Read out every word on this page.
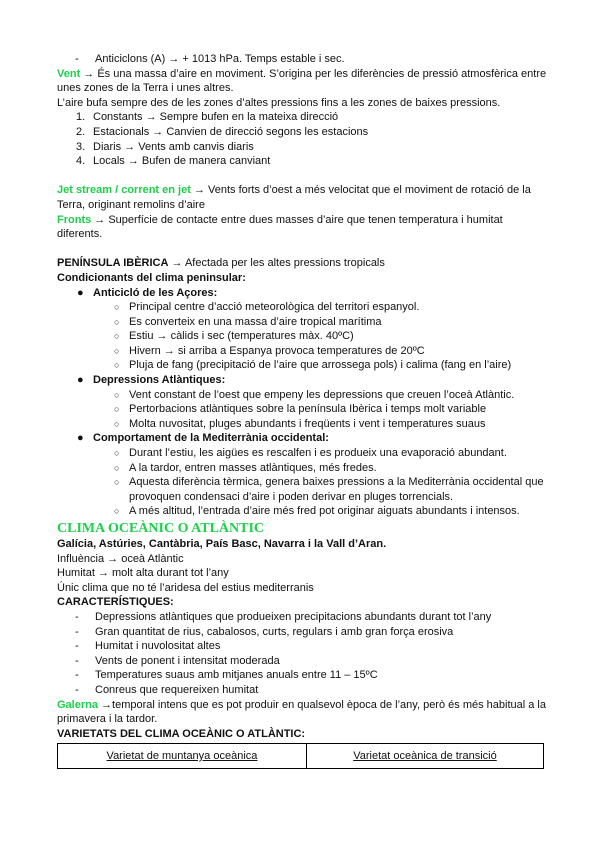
- Anticiclons (A) → + 1013 hPa. Temps estable i sec.

Vent → És una massa d’aire en moviment. S’origina per les diferències de pressió atmosfèrica entre unes zones de la Terra i unes altres.

L’aire bufa sempre des de les zones d’altes pressions fins a les zones de baixes pressions.

1. Constants → Sempre bufen en la mateixa direcció
2. Estacionals → Canvien de direcció segons les estacions
3. Diaris → Vents amb canvis diaris
4. Locals → Bufen de manera canviant

Jet stream / corrent en jet → Vents forts d’oest a més velocitat que el moviment de rotació de la Terra, originant remolins d’aire

Fronts → Superfície de contacte entre dues masses d’aire que tenen temperatura i humitat diferents.

PENÍNSULA IBÈRICA → Afectada per les altes pressions tropicals

Condicionants del clima peninsular:

● Anticicló de les Açores:
○ Principal centre d’acció meteorològica del territori espanyol.
○ Es converteix en una massa d’aire tropical marítima
○ Estiu → càlids i sec (temperatures màx. 40ºC)
○ Hivern → si arriba a Espanya provoca temperatures de 20ºC
○ Pluja de fang (precipitació de l’aire que arrossega pols) i calima (fang en l’aire)
● Depressions Atlàntiques:
○ Vent constant de l’oest que empeny les depressions que creuen l’oceà Atlàntic.
○ Pertorbacions atlàntiques sobre la península Ibèrica i temps molt variable
○ Molta nuvositat, pluges abundants i freqüents i vent i temperatures suaus
● Comportament de la Mediterrània occidental:
○ Durant l’estiu, les aigües es rescalfen i es produeix una evaporació abundant.
○ A la tardor, entren masses atlàntiques, més fredes.
○ Aquesta diferència tèrmica, genera baixes pressions a la Mediterrània occidental que provoquen condensaci d’aire i poden derivar en pluges torrencials.
○ A més altitud, l’entrada d’aire més fred pot originar aiguats abundants i intensos.
CLIMA OCEÀNIC O ATLÀNTIC

Galícia, Astúries, Cantàbria, País Basc, Navarra i la Vall d’Aran.

Influència → oceà Atlàntic

Humitat → molt alta durant tot l’any

Únic clima que no té l’aridesa del estius mediterranis

CARACTERÍSTIQUES:

- Depressions atlàntiques que produeixen precipitacions abundants durant tot l’any
- Gran quantitat de rius, cabalosos, curts, regulars i amb gran força erosiva
- Humitat i nuvolositat altes
- Vents de ponent i intensitat moderada
- Temperatures suaus amb mitjanes anuals entre 11 – 15ºC
- Conreus que requereixen humitat

Galerna →temporal intens que es pot produir en qualsevol època de l’any, però és més habitual a la primavera i la tardor.

VARIETATS DEL CLIMA OCEÀNIC O ATLÀNTIC:

Varietat de muntanya oceànica	Varietat oceànica de transició
